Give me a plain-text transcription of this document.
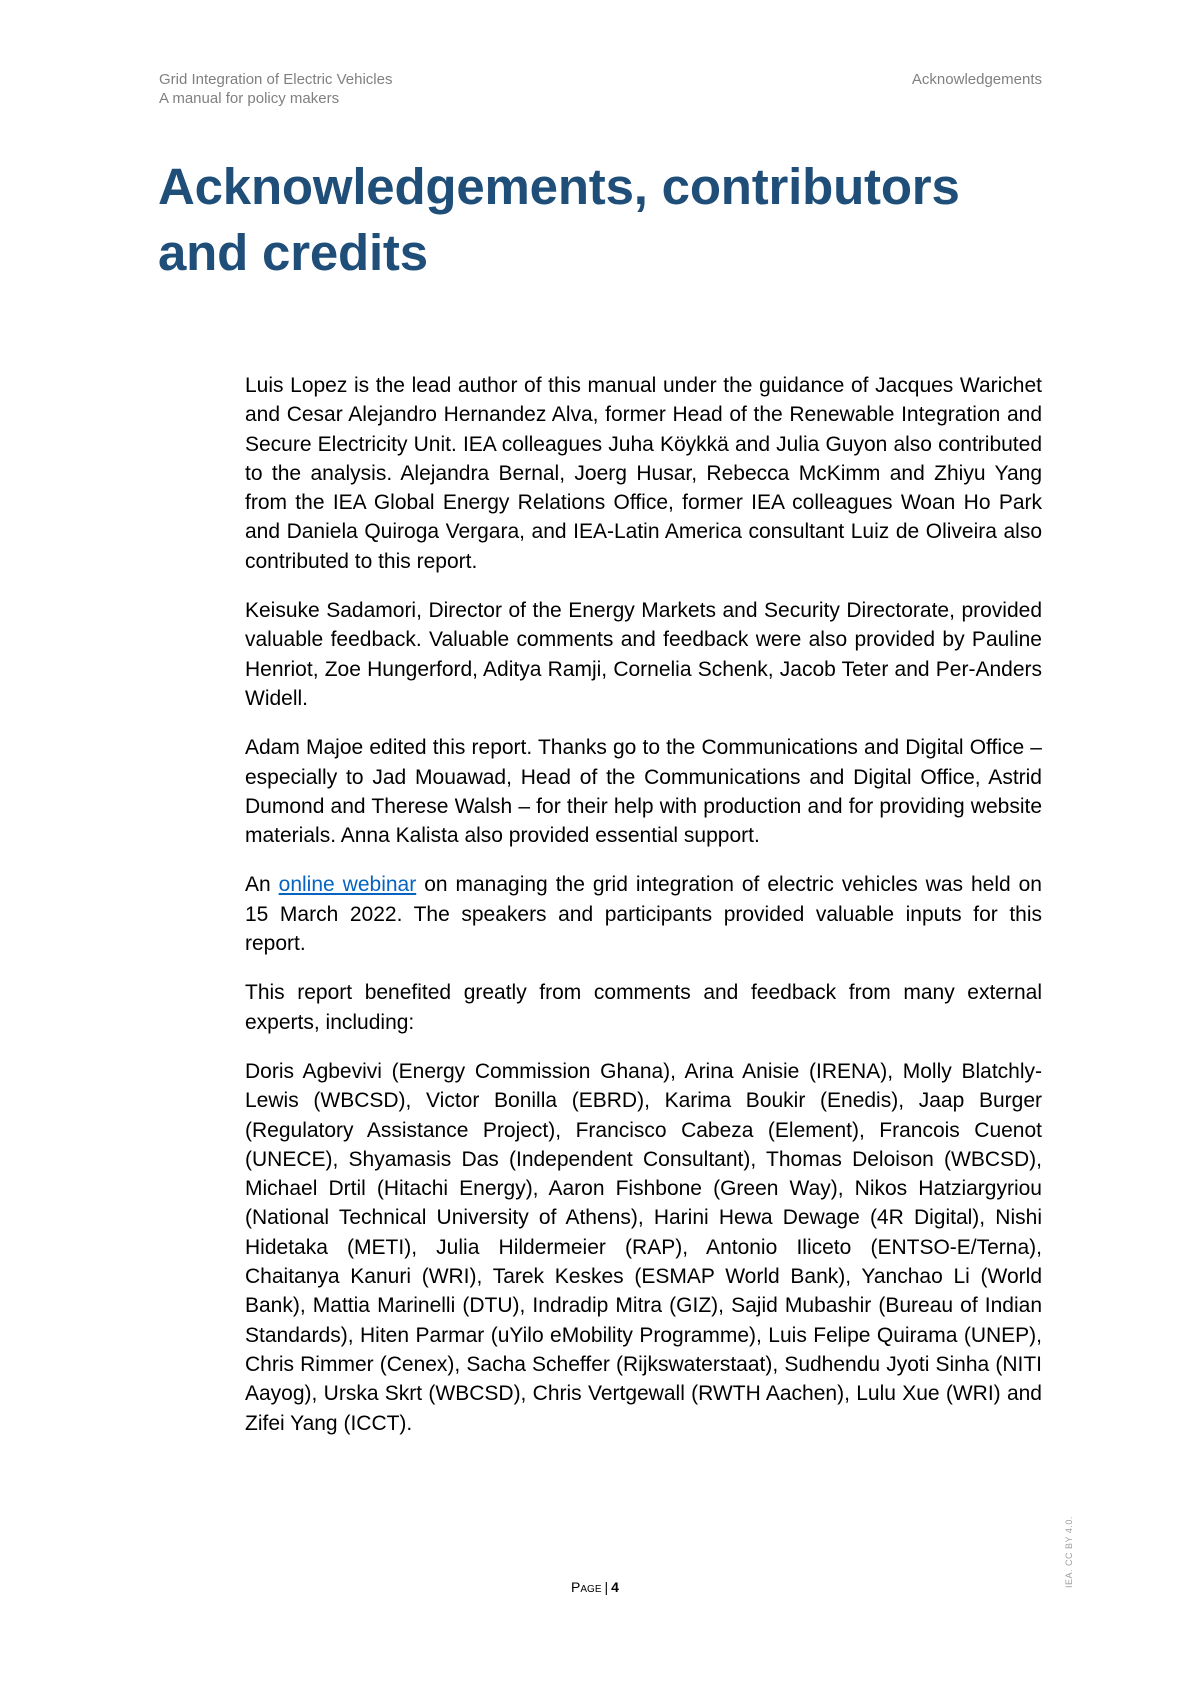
Grid Integration of Electric Vehicles
A manual for policy makers
Acknowledgements
Acknowledgements, contributors and credits

Luis Lopez is the lead author of this manual under the guidance of Jacques Warichet and Cesar Alejandro Hernandez Alva, former Head of the Renewable Integration and Secure Electricity Unit. IEA colleagues Juha Köykkä and Julia Guyon also contributed to the analysis. Alejandra Bernal, Joerg Husar, Rebecca McKimm and Zhiyu Yang from the IEA Global Energy Relations Office, former IEA colleagues Woan Ho Park and Daniela Quiroga Vergara, and IEA-Latin America consultant Luiz de Oliveira also contributed to this report.

Keisuke Sadamori, Director of the Energy Markets and Security Directorate, provided valuable feedback. Valuable comments and feedback were also provided by Pauline Henriot, Zoe Hungerford, Aditya Ramji, Cornelia Schenk, Jacob Teter and Per-Anders Widell.

Adam Majoe edited this report. Thanks go to the Communications and Digital Office – especially to Jad Mouawad, Head of the Communications and Digital Office, Astrid Dumond and Therese Walsh – for their help with production and for providing website materials. Anna Kalista also provided essential support.

An online webinar on managing the grid integration of electric vehicles was held on 15 March 2022. The speakers and participants provided valuable inputs for this report.

This report benefited greatly from comments and feedback from many external experts, including:

Doris Agbevivi (Energy Commission Ghana), Arina Anisie (IRENA), Molly Blatchly-Lewis (WBCSD), Victor Bonilla (EBRD), Karima Boukir (Enedis), Jaap Burger (Regulatory Assistance Project), Francisco Cabeza (Element), Francois Cuenot (UNECE), Shyamasis Das (Independent Consultant), Thomas Deloison (WBCSD), Michael Drtil (Hitachi Energy), Aaron Fishbone (Green Way), Nikos Hatziargyriou (National Technical University of Athens), Harini Hewa Dewage (4R Digital), Nishi Hidetaka (METI), Julia Hildermeier (RAP), Antonio Iliceto (ENTSO-E/Terna), Chaitanya Kanuri (WRI), Tarek Keskes (ESMAP World Bank), Yanchao Li (World Bank), Mattia Marinelli (DTU), Indradip Mitra (GIZ), Sajid Mubashir (Bureau of Indian Standards), Hiten Parmar (uYilo eMobility Programme), Luis Felipe Quirama (UNEP), Chris Rimmer (Cenex), Sacha Scheffer (Rijkswaterstaat), Sudhendu Jyoti Sinha (NITI Aayog), Urska Skrt (WBCSD), Chris Vertgewall (RWTH Aachen), Lulu Xue (WRI) and Zifei Yang (ICCT).

Page | 4	IEA. CC BY 4.0.
